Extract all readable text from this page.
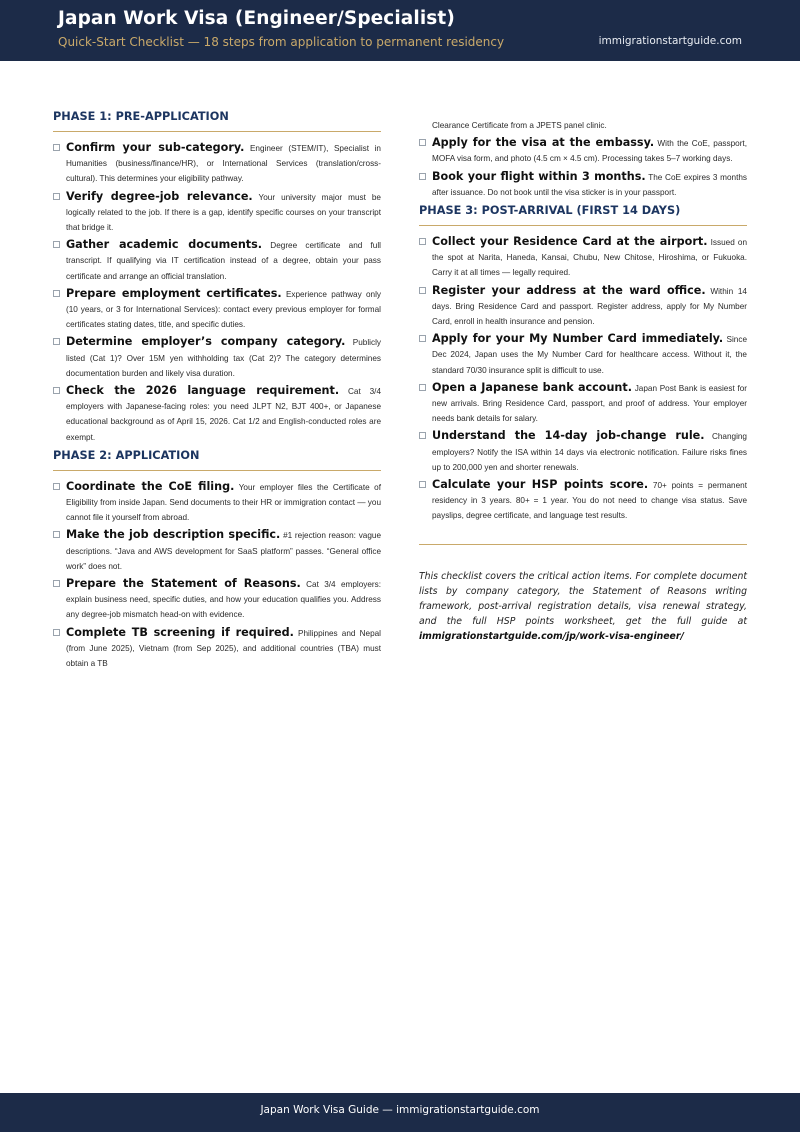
Japan Work Visa (Engineer/Specialist)
Quick-Start Checklist — 18 steps from application to permanent residency	immigrationstartguide.com
PHASE 1: PRE-APPLICATION
Confirm your sub-category. Engineer (STEM/IT), Specialist in Humanities (business/finance/HR), or International Services (translation/cross-cultural). This determines your eligibility pathway.
Verify degree-job relevance. Your university major must be logically related to the job. If there is a gap, identify specific courses on your transcript that bridge it.
Gather academic documents. Degree certificate and full transcript. If qualifying via IT certification instead of a degree, obtain your pass certificate and arrange an official translation.
Prepare employment certificates. Experience pathway only (10 years, or 3 for International Services): contact every previous employer for formal certificates stating dates, title, and specific duties.
Determine employer’s company category. Publicly listed (Cat 1)? Over 15M yen withholding tax (Cat 2)? The category determines documentation burden and likely visa duration.
Check the 2026 language requirement. Cat 3/4 employers with Japanese-facing roles: you need JLPT N2, BJT 400+, or Japanese educational background as of April 15, 2026. Cat 1/2 and English-conducted roles are exempt.
PHASE 2: APPLICATION
Coordinate the CoE filing. Your employer files the Certificate of Eligibility from inside Japan. Send documents to their HR or immigration contact — you cannot file it yourself from abroad.
Make the job description specific. #1 rejection reason: vague descriptions. “Java and AWS development for SaaS platform” passes. “General office work” does not.
Prepare the Statement of Reasons. Cat 3/4 employers: explain business need, specific duties, and how your education qualifies you. Address any degree-job mismatch head-on with evidence.
Complete TB screening if required. Philippines and Nepal (from June 2025), Vietnam (from Sep 2025), and additional countries (TBA) must obtain a TB
Clearance Certificate from a JPETS panel clinic.
Apply for the visa at the embassy. With the CoE, passport, MOFA visa form, and photo (4.5 cm × 4.5 cm). Processing takes 5–7 working days.
Book your flight within 3 months. The CoE expires 3 months after issuance. Do not book until the visa sticker is in your passport.
PHASE 3: POST-ARRIVAL (FIRST 14 DAYS)
Collect your Residence Card at the airport. Issued on the spot at Narita, Haneda, Kansai, Chubu, New Chitose, Hiroshima, or Fukuoka. Carry it at all times — legally required.
Register your address at the ward office. Within 14 days. Bring Residence Card and passport. Register address, apply for My Number Card, enroll in health insurance and pension.
Apply for your My Number Card immediately. Since Dec 2024, Japan uses the My Number Card for healthcare access. Without it, the standard 70/30 insurance split is difficult to use.
Open a Japanese bank account. Japan Post Bank is easiest for new arrivals. Bring Residence Card, passport, and proof of address. Your employer needs bank details for salary.
Understand the 14-day job-change rule. Changing employers? Notify the ISA within 14 days via electronic notification. Failure risks fines up to 200,000 yen and shorter renewals.
Calculate your HSP points score. 70+ points = permanent residency in 3 years. 80+ = 1 year. You do not need to change visa status. Save payslips, degree certificate, and language test results.
This checklist covers the critical action items. For complete document lists by company category, the Statement of Reasons writing framework, post-arrival registration details, visa renewal strategy, and the full HSP points worksheet, get the full guide at immigrationstartguide.com/jp/work-visa-engineer/
Japan Work Visa Guide — immigrationstartguide.com
